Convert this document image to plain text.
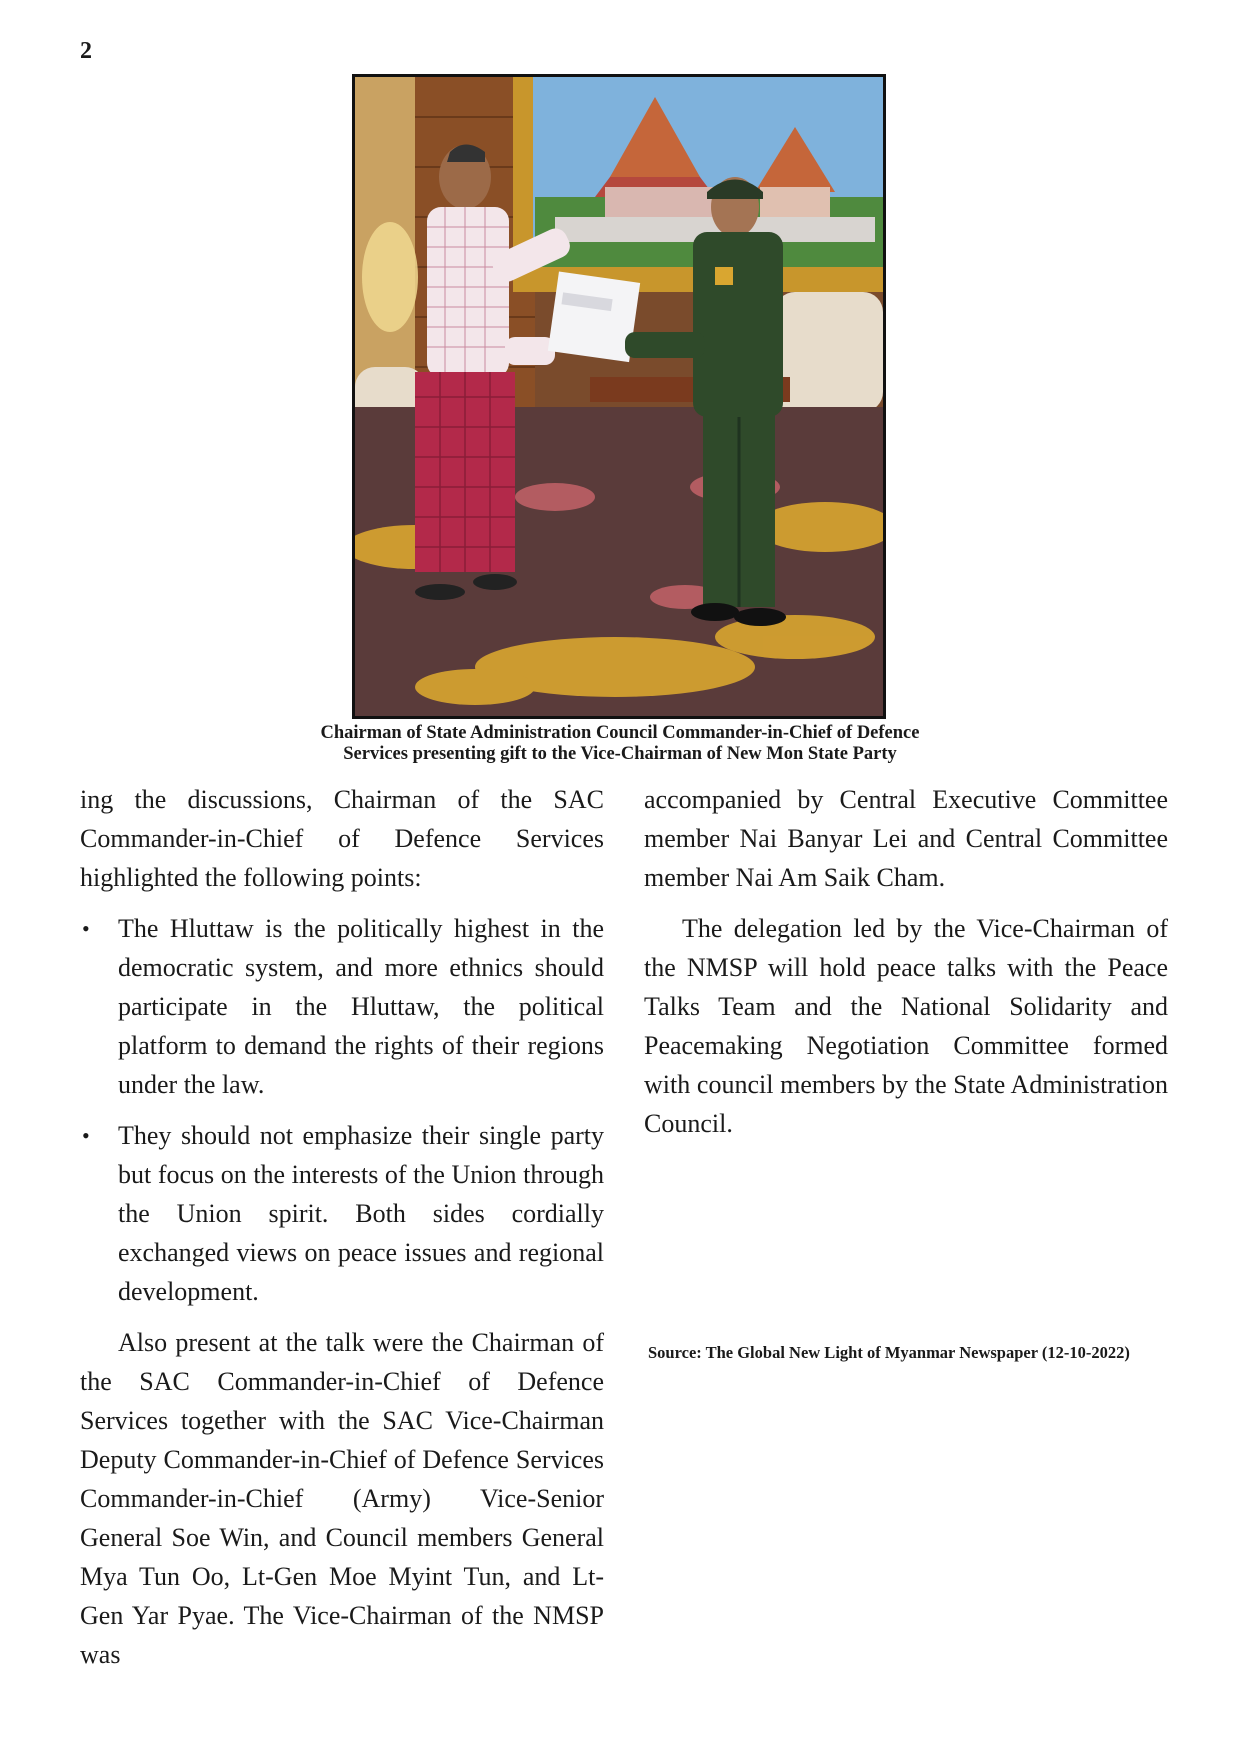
2
Chairman of State Administration Council Commander-in-Chief of Defence
Services presenting gift to the Vice-Chairman of New Mon State Party

ing the discussions, Chairman of the SAC Commander-in-Chief of Defence Services highlighted the following points:

• The Hluttaw is the politically highest in the democratic system, and more ethnics should participate in the Hluttaw, the political platform to demand the rights of their regions under the law.
• They should not emphasize their single party but focus on the interests of the Union through the Union spirit. Both sides cordially exchanged views on peace issues and regional development.

Also present at the talk were the Chairman of the SAC Commander-in-Chief of Defence Services together with the SAC Vice-Chairman Deputy Commander-in-Chief of Defence Services Commander-in-Chief (Army) Vice-Senior General Soe Win, and Council members General Mya Tun Oo, Lt-Gen Moe Myint Tun, and Lt-Gen Yar Pyae. The Vice-Chairman of the NMSP was

accompanied by Central Executive Committee member Nai Banyar Lei and Central Committee member Nai Am Saik Cham.

The delegation led by the Vice-Chairman of the NMSP will hold peace talks with the Peace Talks Team and the National Solidarity and Peacemaking Negotiation Committee formed with council members by the State Administration Council.

Source: The Global New Light of Myanmar Newspaper (12-10-2022)
